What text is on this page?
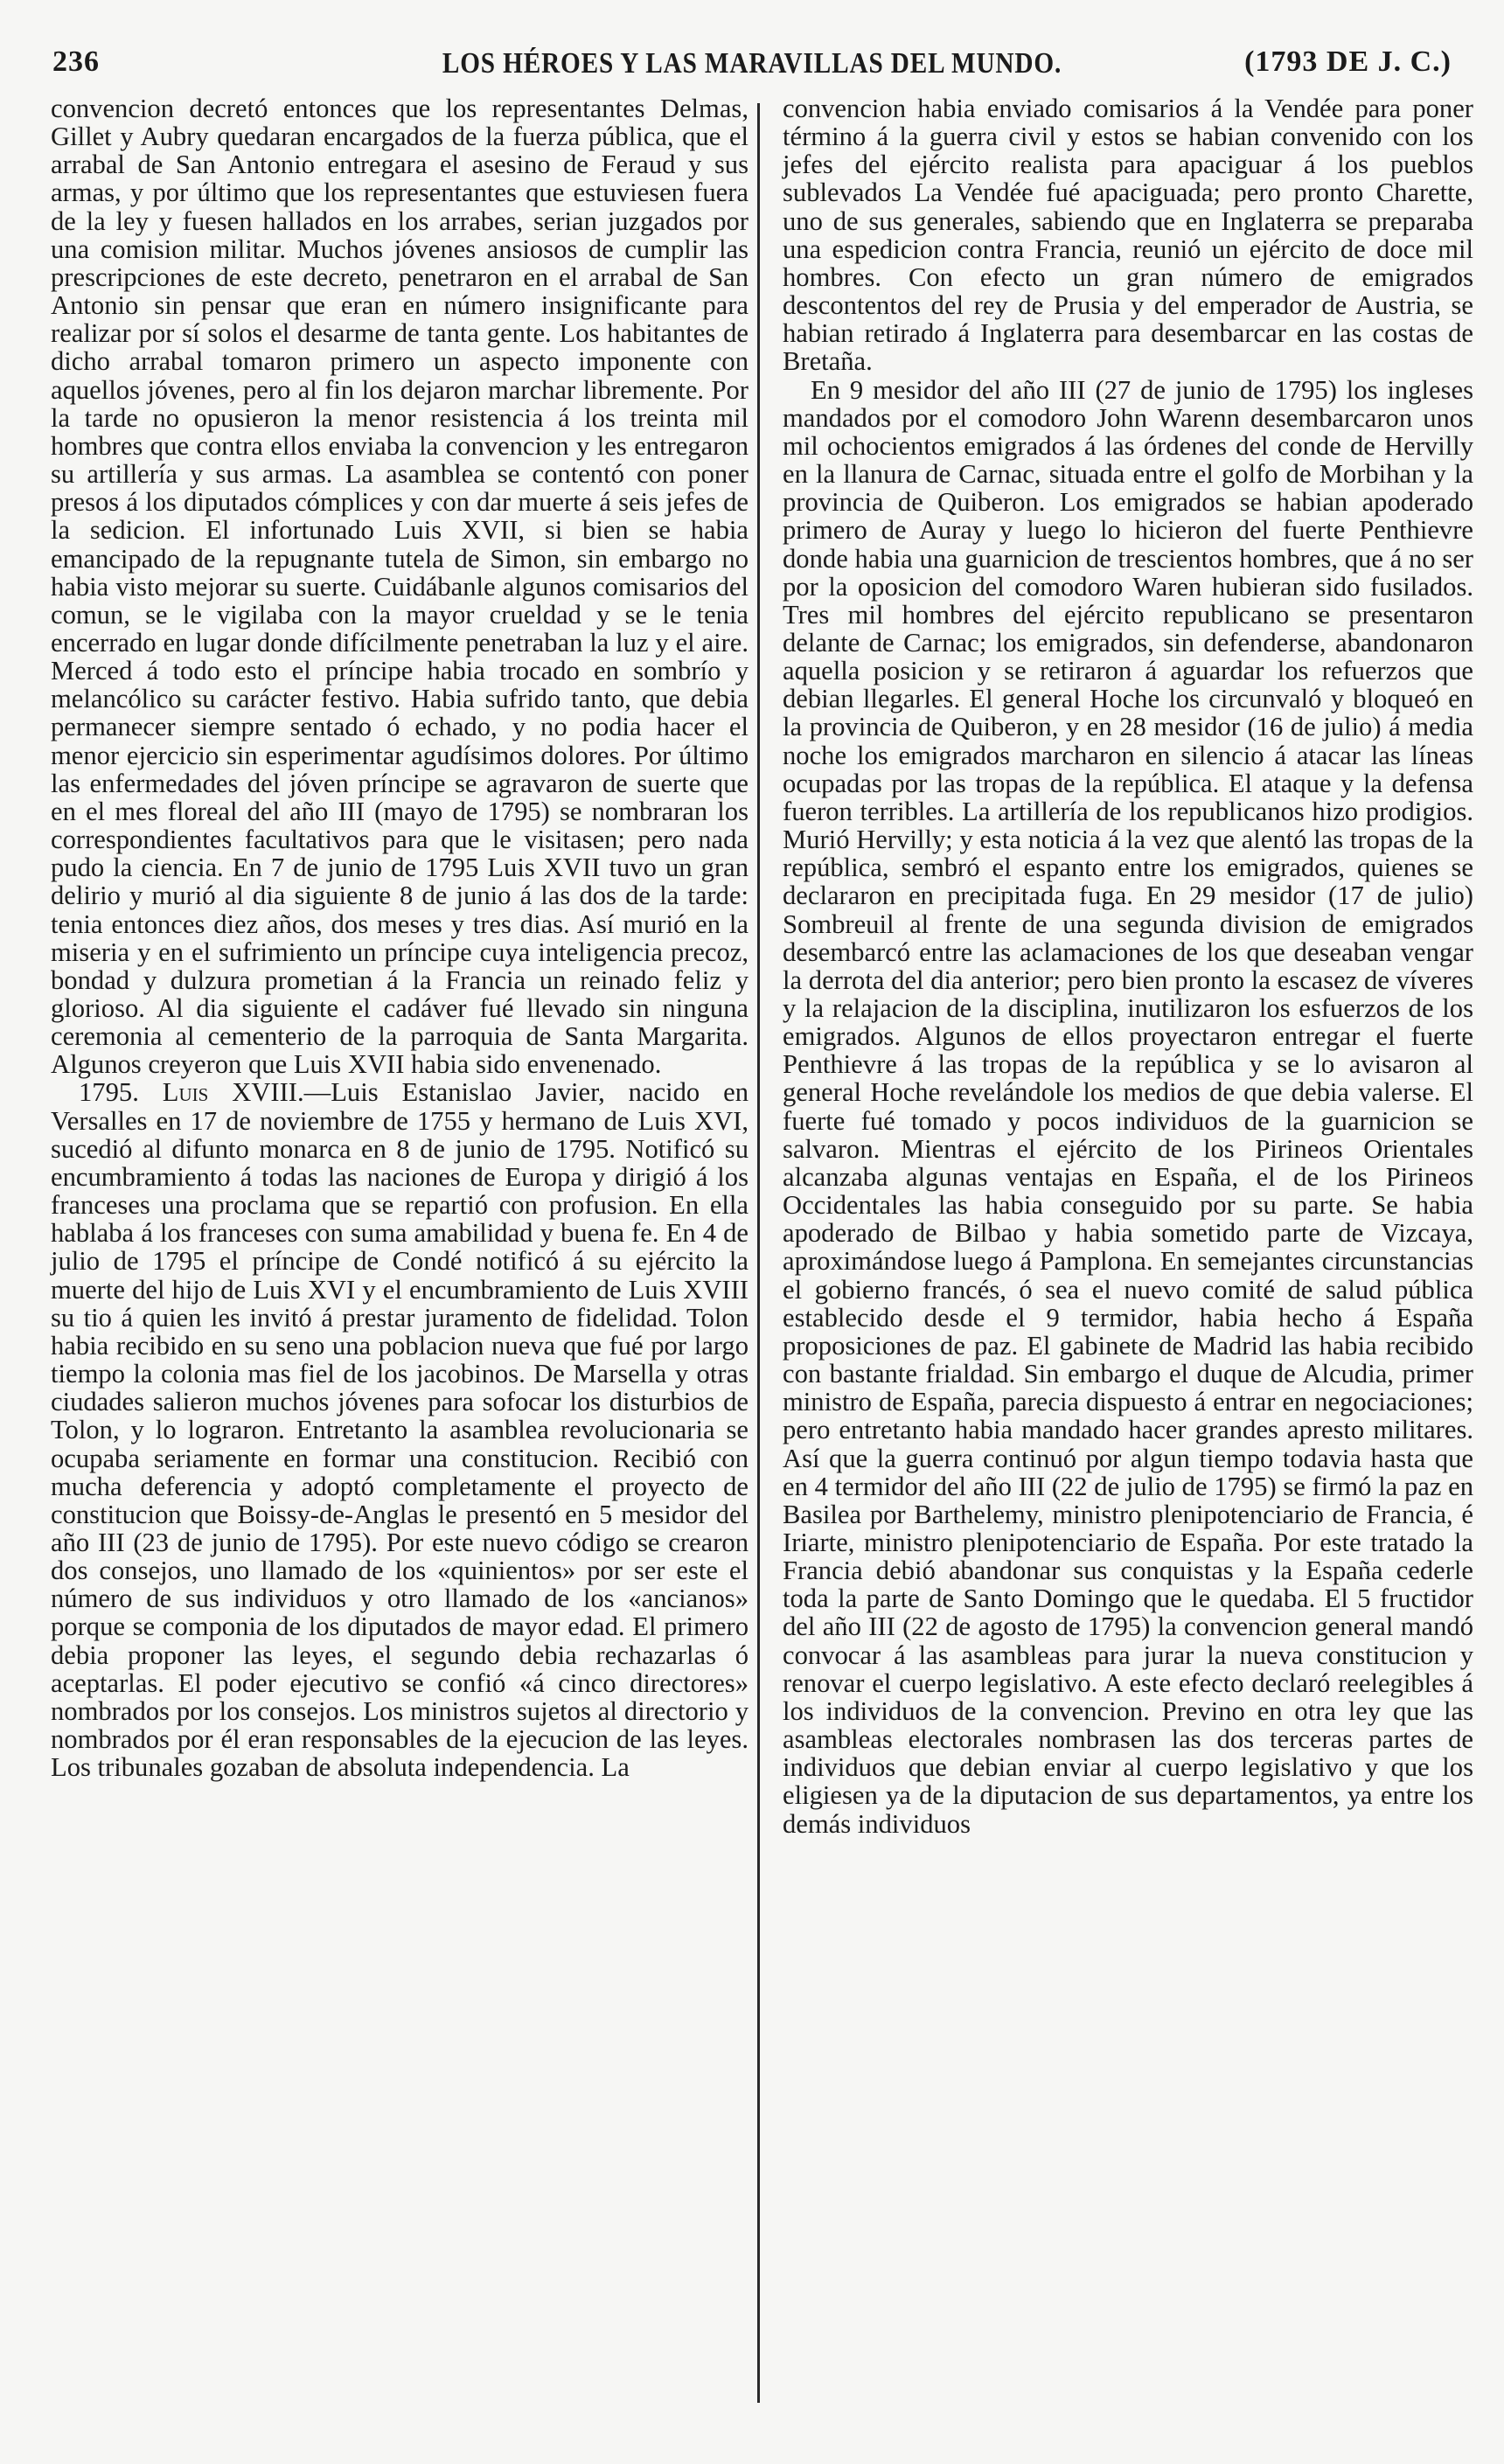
236	LOS HÉROES Y LAS MARAVILLAS DEL MUNDO.	(1793 DE J. C.)

convencion decretó entonces que los representantes Delmas, Gillet y Aubry quedaran encargados de la fuerza pública, que el arrabal de San Antonio entregara el asesino de Feraud y sus armas, y por último que los representantes que estuviesen fuera de la ley y fuesen hallados en los arrabes, serian juzgados por una comision militar. Muchos jóvenes ansiosos de cumplir las prescripciones de este decreto, penetraron en el arrabal de San Antonio sin pensar que eran en número insignificante para realizar por sí solos el desarme de tanta gente. Los habitantes de dicho arrabal tomaron primero un aspecto imponente con aquellos jóvenes, pero al fin los dejaron marchar libremente. Por la tarde no opusieron la menor resistencia á los treinta mil hombres que contra ellos enviaba la convencion y les entregaron su artillería y sus armas. La asamblea se contentó con poner presos á los diputados cómplices y con dar muerte á seis jefes de la sedicion. El infortunado Luis XVII, si bien se habia emancipado de la repugnante tutela de Simon, sin embargo no habia visto mejorar su suerte. Cuidábanle algunos comisarios del comun, se le vigilaba con la mayor crueldad y se le tenia encerrado en lugar donde difícilmente penetraban la luz y el aire. Merced á todo esto el príncipe habia trocado en sombrío y melancólico su carácter festivo. Habia sufrido tanto, que debia permanecer siempre sentado ó echado, y no podia hacer el menor ejercicio sin esperimentar agudísimos dolores. Por último las enfermedades del jóven príncipe se agravaron de suerte que en el mes floreal del año III (mayo de 1795) se nombraran los correspondientes facultativos para que le visitasen; pero nada pudo la ciencia. En 7 de junio de 1795 Luis XVII tuvo un gran delirio y murió al dia siguiente 8 de junio á las dos de la tarde: tenia entonces diez años, dos meses y tres dias. Así murió en la miseria y en el sufrimiento un príncipe cuya inteligencia precoz, bondad y dulzura prometian á la Francia un reinado feliz y glorioso. Al dia siguiente el cadáver fué llevado sin ninguna ceremonia al cementerio de la parroquia de Santa Margarita. Algunos creyeron que Luis XVII habia sido envenenado.

1795. Luis XVIII.—Luis Estanislao Javier, nacido en Versalles en 17 de noviembre de 1755 y hermano de Luis XVI, sucedió al difunto monarca en 8 de junio de 1795. Notificó su encumbramiento á todas las naciones de Europa y dirigió á los franceses una proclama que se repartió con profusion. En ella hablaba á los franceses con suma amabilidad y buena fe. En 4 de julio de 1795 el príncipe de Condé notificó á su ejército la muerte del hijo de Luis XVI y el encumbramiento de Luis XVIII su tio á quien les invitó á prestar juramento de fidelidad. Tolon habia recibido en su seno una poblacion nueva que fué por largo tiempo la colonia mas fiel de los jacobinos. De Marsella y otras ciudades salieron muchos jóvenes para sofocar los disturbios de Tolon, y lo lograron. Entretanto la asamblea revolucionaria se ocupaba seriamente en formar una constitucion. Recibió con mucha deferencia y adoptó completamente el proyecto de constitucion que Boissy-de-Anglas le presentó en 5 mesidor del año III (23 de junio de 1795). Por este nuevo código se crearon dos consejos, uno llamado de los «quinientos» por ser este el número de sus individuos y otro llamado de los «ancianos» porque se componia de los diputados de mayor edad. El primero debia proponer las leyes, el segundo debia rechazarlas ó aceptarlas. El poder ejecutivo se confió «á cinco directores» nombrados por los consejos. Los ministros sujetos al directorio y nombrados por él eran responsables de la ejecucion de las leyes. Los tribunales gozaban de absoluta independencia. La

convencion habia enviado comisarios á la Vendée para poner término á la guerra civil y estos se habian convenido con los jefes del ejército realista para apaciguar á los pueblos sublevados La Vendée fué apaciguada; pero pronto Charette, uno de sus generales, sabiendo que en Inglaterra se preparaba una espedicion contra Francia, reunió un ejército de doce mil hombres. Con efecto un gran número de emigrados descontentos del rey de Prusia y del emperador de Austria, se habian retirado á Inglaterra para desembarcar en las costas de Bretaña.

En 9 mesidor del año III (27 de junio de 1795) los ingleses mandados por el comodoro John Warenn desembarcaron unos mil ochocientos emigrados á las órdenes del conde de Hervilly en la llanura de Carnac, situada entre el golfo de Morbihan y la provincia de Quiberon. Los emigrados se habian apoderado primero de Auray y luego lo hicieron del fuerte Penthievre donde habia una guarnicion de trescientos hombres, que á no ser por la oposicion del comodoro Waren hubieran sido fusilados. Tres mil hombres del ejército republicano se presentaron delante de Carnac; los emigrados, sin defenderse, abandonaron aquella posicion y se retiraron á aguardar los refuerzos que debian llegarles. El general Hoche los circunvaló y bloqueó en la provincia de Quiberon, y en 28 mesidor (16 de julio) á media noche los emigrados marcharon en silencio á atacar las líneas ocupadas por las tropas de la república. El ataque y la defensa fueron terribles. La artillería de los republicanos hizo prodigios. Murió Hervilly; y esta noticia á la vez que alentó las tropas de la república, sembró el espanto entre los emigrados, quienes se declararon en precipitada fuga. En 29 mesidor (17 de julio) Sombreuil al frente de una segunda division de emigrados desembarcó entre las aclamaciones de los que deseaban vengar la derrota del dia anterior; pero bien pronto la escasez de víveres y la relajacion de la disciplina, inutilizaron los esfuerzos de los emigrados. Algunos de ellos proyectaron entregar el fuerte Penthievre á las tropas de la república y se lo avisaron al general Hoche revelándole los medios de que debia valerse. El fuerte fué tomado y pocos individuos de la guarnicion se salvaron. Mientras el ejército de los Pirineos Orientales alcanzaba algunas ventajas en España, el de los Pirineos Occidentales las habia conseguido por su parte. Se habia apoderado de Bilbao y habia sometido parte de Vizcaya, aproximándose luego á Pamplona. En semejantes circunstancias el gobierno francés, ó sea el nuevo comité de salud pública establecido desde el 9 termidor, habia hecho á España proposiciones de paz. El gabinete de Madrid las habia recibido con bastante frialdad. Sin embargo el duque de Alcudia, primer ministro de España, parecia dispuesto á entrar en negociaciones; pero entretanto habia mandado hacer grandes apresto militares. Así que la guerra continuó por algun tiempo todavia hasta que en 4 termidor del año III (22 de julio de 1795) se firmó la paz en Basilea por Barthelemy, ministro plenipotenciario de Francia, é Iriarte, ministro plenipotenciario de España. Por este tratado la Francia debió abandonar sus conquistas y la España cederle toda la parte de Santo Domingo que le quedaba. El 5 fructidor del año III (22 de agosto de 1795) la convencion general mandó convocar á las asambleas para jurar la nueva constitucion y renovar el cuerpo legislativo. A este efecto declaró reelegibles á los individuos de la convencion. Previno en otra ley que las asambleas electorales nombrasen las dos terceras partes de individuos que debian enviar al cuerpo legislativo y que los eligiesen ya de la diputacion de sus departamentos, ya entre los demás individuos
